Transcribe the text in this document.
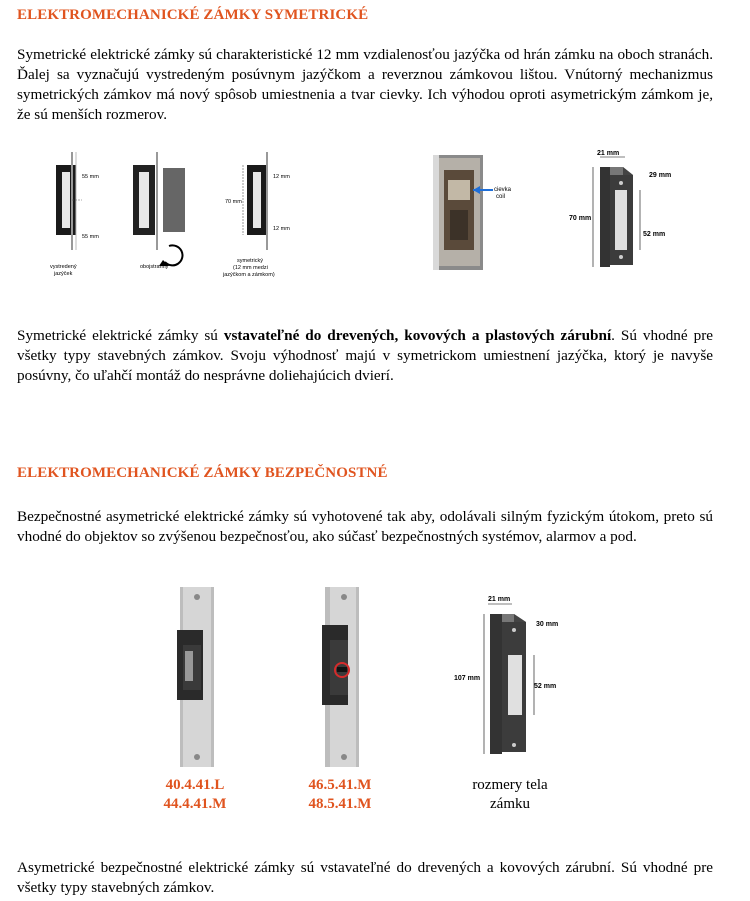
ELEKTROMECHANICKÉ ZÁMKY SYMETRICKÉ
Symetrické elektrické zámky sú charakteristické 12 mm vzdialenosťou jazýčka od hrán zámku na oboch stranách. Ďalej sa vyznačujú vystredeným posúvnym jazýčkom a reverznou zámkovou lištou. Vnútorný mechanizmus symetrických zámkov má nový spôsob umiestnenia a tvar cievky. Ich výhodou oproti asymetrickým zámkom je, že sú menších rozmerov.
55 mm
55 mm
vystredený
jazýček
obojstranný
70 mm
12 mm
12 mm
symetrický
(12 mm medzi
jazýčkom a zámkom)
cievka
coil
21 mm
29 mm
70 mm
52 mm
Symetrické elektrické zámky sú vstavateľné do drevených, kovových a plastových zárubní. Sú vhodné pre všetky typy stavebných zámkov. Svoju výhodnosť majú v symetrickom umiestnení jazýčka, ktorý je navyše posúvny, čo uľahčí montáž do nesprávne doliehajúcich dvierí.
ELEKTROMECHANICKÉ ZÁMKY BEZPEČNOSTNÉ
Bezpečnostné asymetrické elektrické zámky sú vyhotovené tak aby, odolávali silným fyzickým útokom, preto sú vhodné do objektov so zvýšenou bezpečnosťou, ako súčasť bezpečnostných systémov, alarmov a pod.
40.4.41.L
44.4.41.M
46.5.41.M
48.5.41.M
21 mm
30 mm
107 mm
52 mm
rozmery tela
zámku
Asymetrické bezpečnostné elektrické zámky sú vstavateľné do drevených a kovových zárubní. Sú vhodné pre všetky typy stavebných zámkov.
